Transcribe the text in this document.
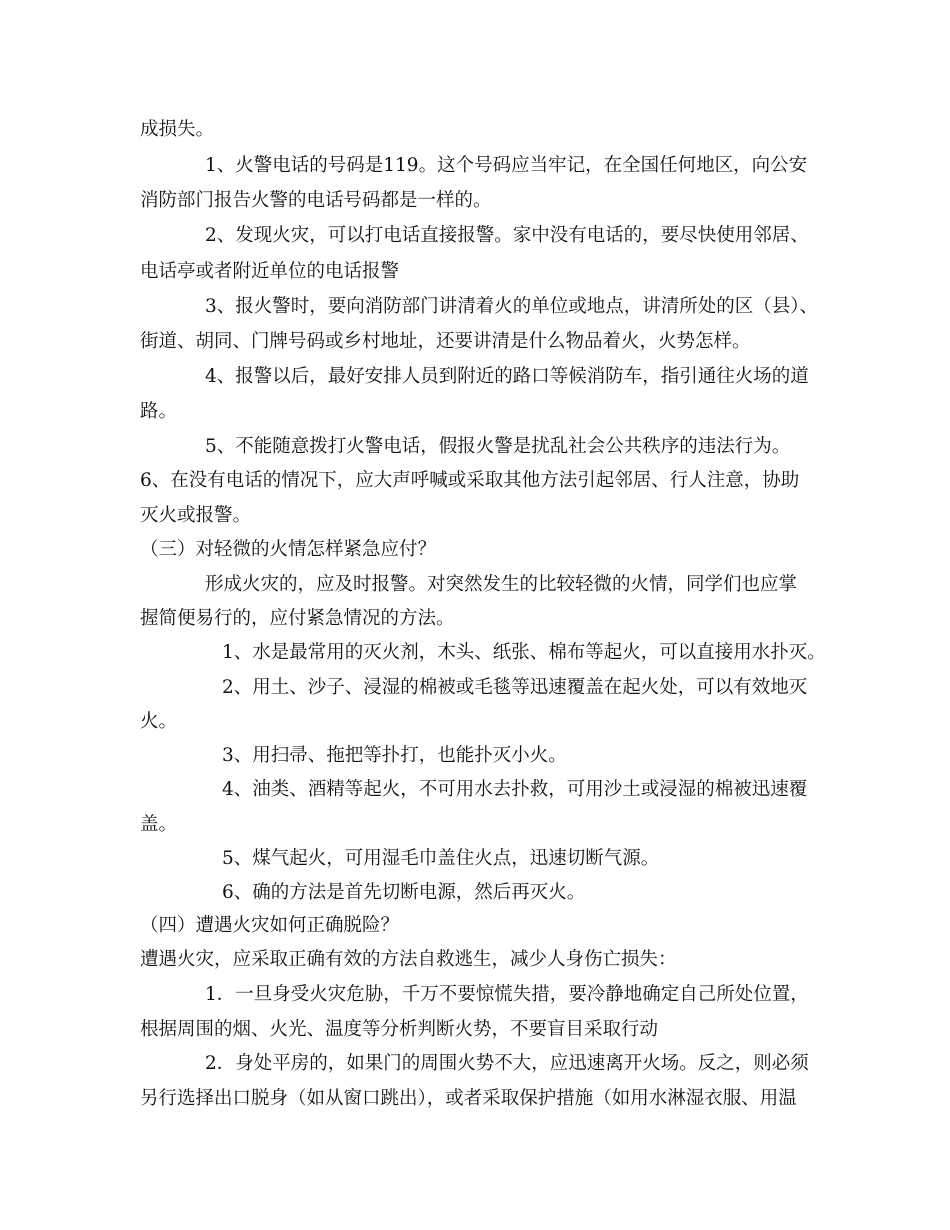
成损失。
1、火警电话的号码是119。这个号码应当牢记，在全国任何地区，向公安
消防部门报告火警的电话号码都是一样的。
2、发现火灾，可以打电话直接报警。家中没有电话的，要尽快使用邻居、
电话亭或者附近单位的电话报警
3、报火警时，要向消防部门讲清着火的单位或地点，讲清所处的区（县）、
街道、胡同、门牌号码或乡村地址，还要讲清是什么物品着火，火势怎样。
4、报警以后，最好安排人员到附近的路口等候消防车，指引通往火场的道
路。
5、不能随意拨打火警电话，假报火警是扰乱社会公共秩序的违法行为。
6、在没有电话的情况下，应大声呼喊或采取其他方法引起邻居、行人注意，协助
灭火或报警。
（三）对轻微的火情怎样紧急应付？
形成火灾的，应及时报警。对突然发生的比较轻微的火情，同学们也应掌
握简便易行的，应付紧急情况的方法。
1、水是最常用的灭火剂，木头、纸张、棉布等起火，可以直接用水扑灭。
2、用土、沙子、浸湿的棉被或毛毯等迅速覆盖在起火处，可以有效地灭
火。
3、用扫帚、拖把等扑打，也能扑灭小火。
4、油类、酒精等起火，不可用水去扑救，可用沙土或浸湿的棉被迅速覆
盖。
5、煤气起火，可用湿毛巾盖住火点，迅速切断气源。
6、确的方法是首先切断电源，然后再灭火。
（四）遭遇火灾如何正确脱险？
遭遇火灾，应采取正确有效的方法自救逃生，减少人身伤亡损失：
1．一旦身受火灾危胁，千万不要惊慌失措，要冷静地确定自己所处位置，
根据周围的烟、火光、温度等分析判断火势，不要盲目采取行动
2．身处平房的，如果门的周围火势不大，应迅速离开火场。反之，则必须
另行选择出口脱身（如从窗口跳出），或者采取保护措施（如用水淋湿衣服、用温
